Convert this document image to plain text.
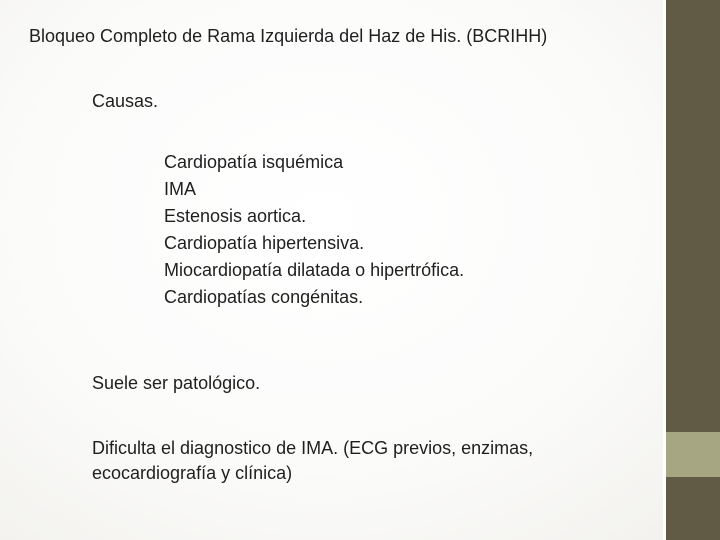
Bloqueo Completo de Rama Izquierda del Haz de His. (BCRIHH)
Causas.
Cardiopatía isquémica
IMA
Estenosis aortica.
Cardiopatía hipertensiva.
Miocardiopatía dilatada o hipertrófica.
Cardiopatías congénitas.
Suele ser patológico.
Dificulta el diagnostico de IMA. (ECG previos, enzimas, ecocardiografía y clínica)
